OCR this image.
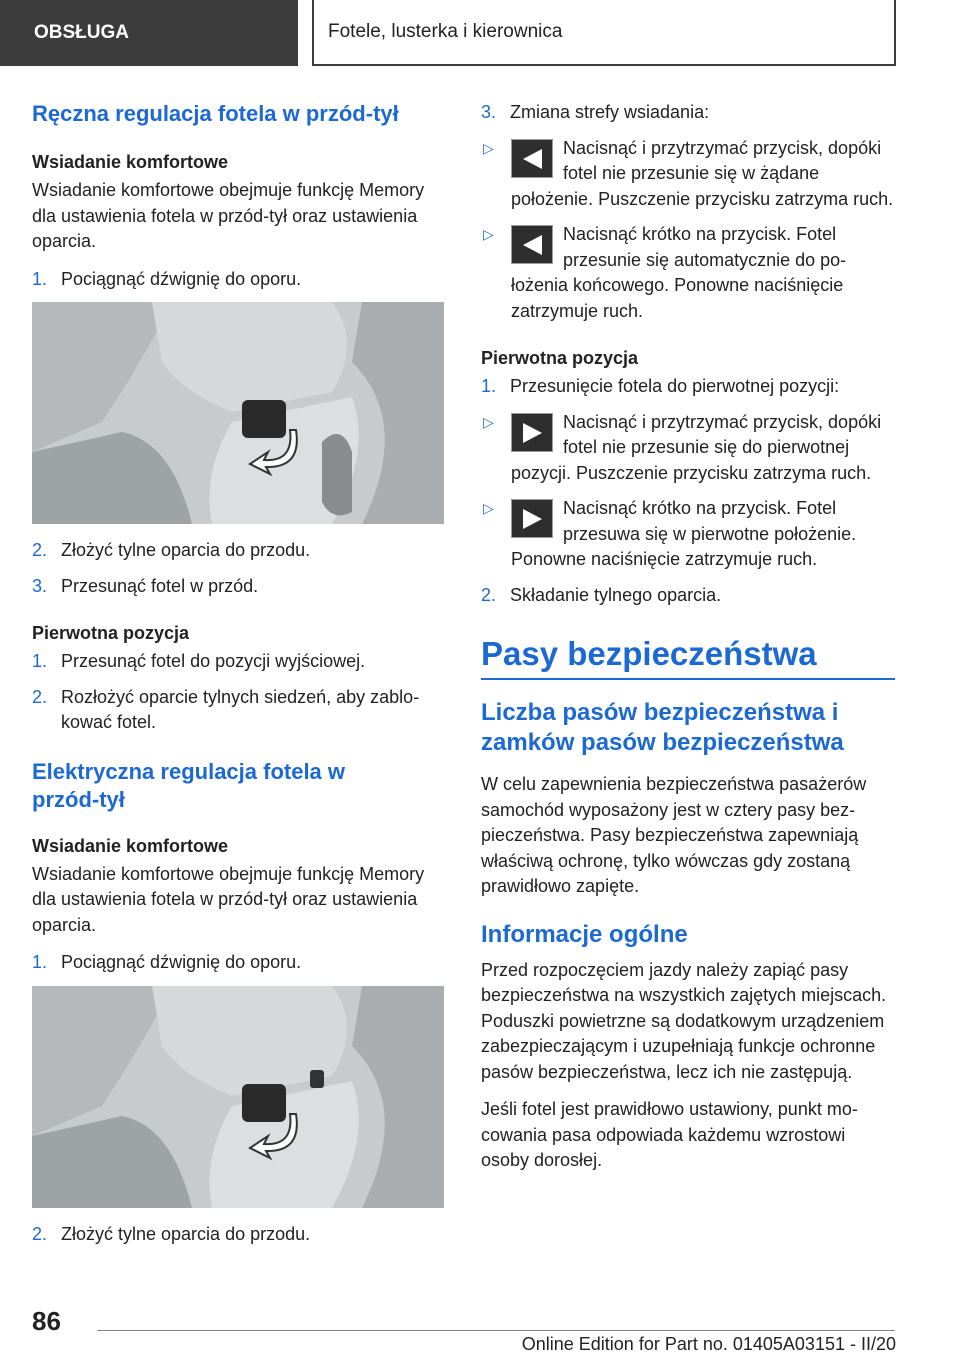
OBSŁUGA	Fotele, lusterka i kierownica
Ręczna regulacja fotela w przód-tył
Wsiadanie komfortowe

Wsiadanie komfortowe obejmuje funkcję Memory dla ustawienia fotela w przód-tył oraz ustawienia oparcia.

1. Pociągnąć dźwignię do oporu.
2. Złożyć tylne oparcia do przodu.
3. Przesunąć fotel w przód.
Pierwotna pozycja
1. Przesunąć fotel do pozycji wyjściowej.
2. Rozłożyć oparcie tylnych siedzeń, aby zablokować fotel.
Elektryczna regulacja fotela w przód-tył
Wsiadanie komfortowe

Wsiadanie komfortowe obejmuje funkcję Memory dla ustawienia fotela w przód-tył oraz ustawienia oparcia.

1. Pociągnąć dźwignię do oporu.
2. Złożyć tylne oparcia do przodu.
3. Zmiana strefy wsiadania:
▷	Nacisnąć i przytrzymać przycisk, dopóki fotel nie przesunie się w żądane położenie. Puszczenie przycisku zatrzyma ruch.
▷	Nacisnąć krótko na przycisk. Fotel przesunie się automatycznie do położenia końcowego. Ponowne naciśnięcie zatrzymuje ruch.
Pierwotna pozycja
1. Przesunięcie fotela do pierwotnej pozycji:
▷	Nacisnąć i przytrzymać przycisk, dopóki fotel nie przesunie się do pierwotnej pozycji. Puszczenie przycisku zatrzyma ruch.
▷	Nacisnąć krótko na przycisk. Fotel przesuwa się w pierwotne położenie. Ponowne naciśnięcie zatrzymuje ruch.
2. Składanie tylnego oparcia.
Pasy bezpieczeństwa
Liczba pasów bezpieczeństwa i zamków pasów bezpieczeństwa

W celu zapewnienia bezpieczeństwa pasażerów samochód wyposażony jest w cztery pasy bezpieczeństwa. Pasy bezpieczeństwa zapewniają właściwą ochronę, tylko wówczas gdy zostaną prawidłowo zapięte.

Informacje ogólne

Przed rozpoczęciem jazdy należy zapiąć pasy bezpieczeństwa na wszystkich zajętych miejscach. Poduszki powietrzne są dodatkowym urządzeniem zabezpieczającym i uzupełniają funkcje ochronne pasów bezpieczeństwa, lecz ich nie zastępują.

Jeśli fotel jest prawidłowo ustawiony, punkt mocowania pasa odpowiada każdemu wzrostowi osoby dorosłej.

86
Online Edition for Part no. 01405A03151 - II/20
